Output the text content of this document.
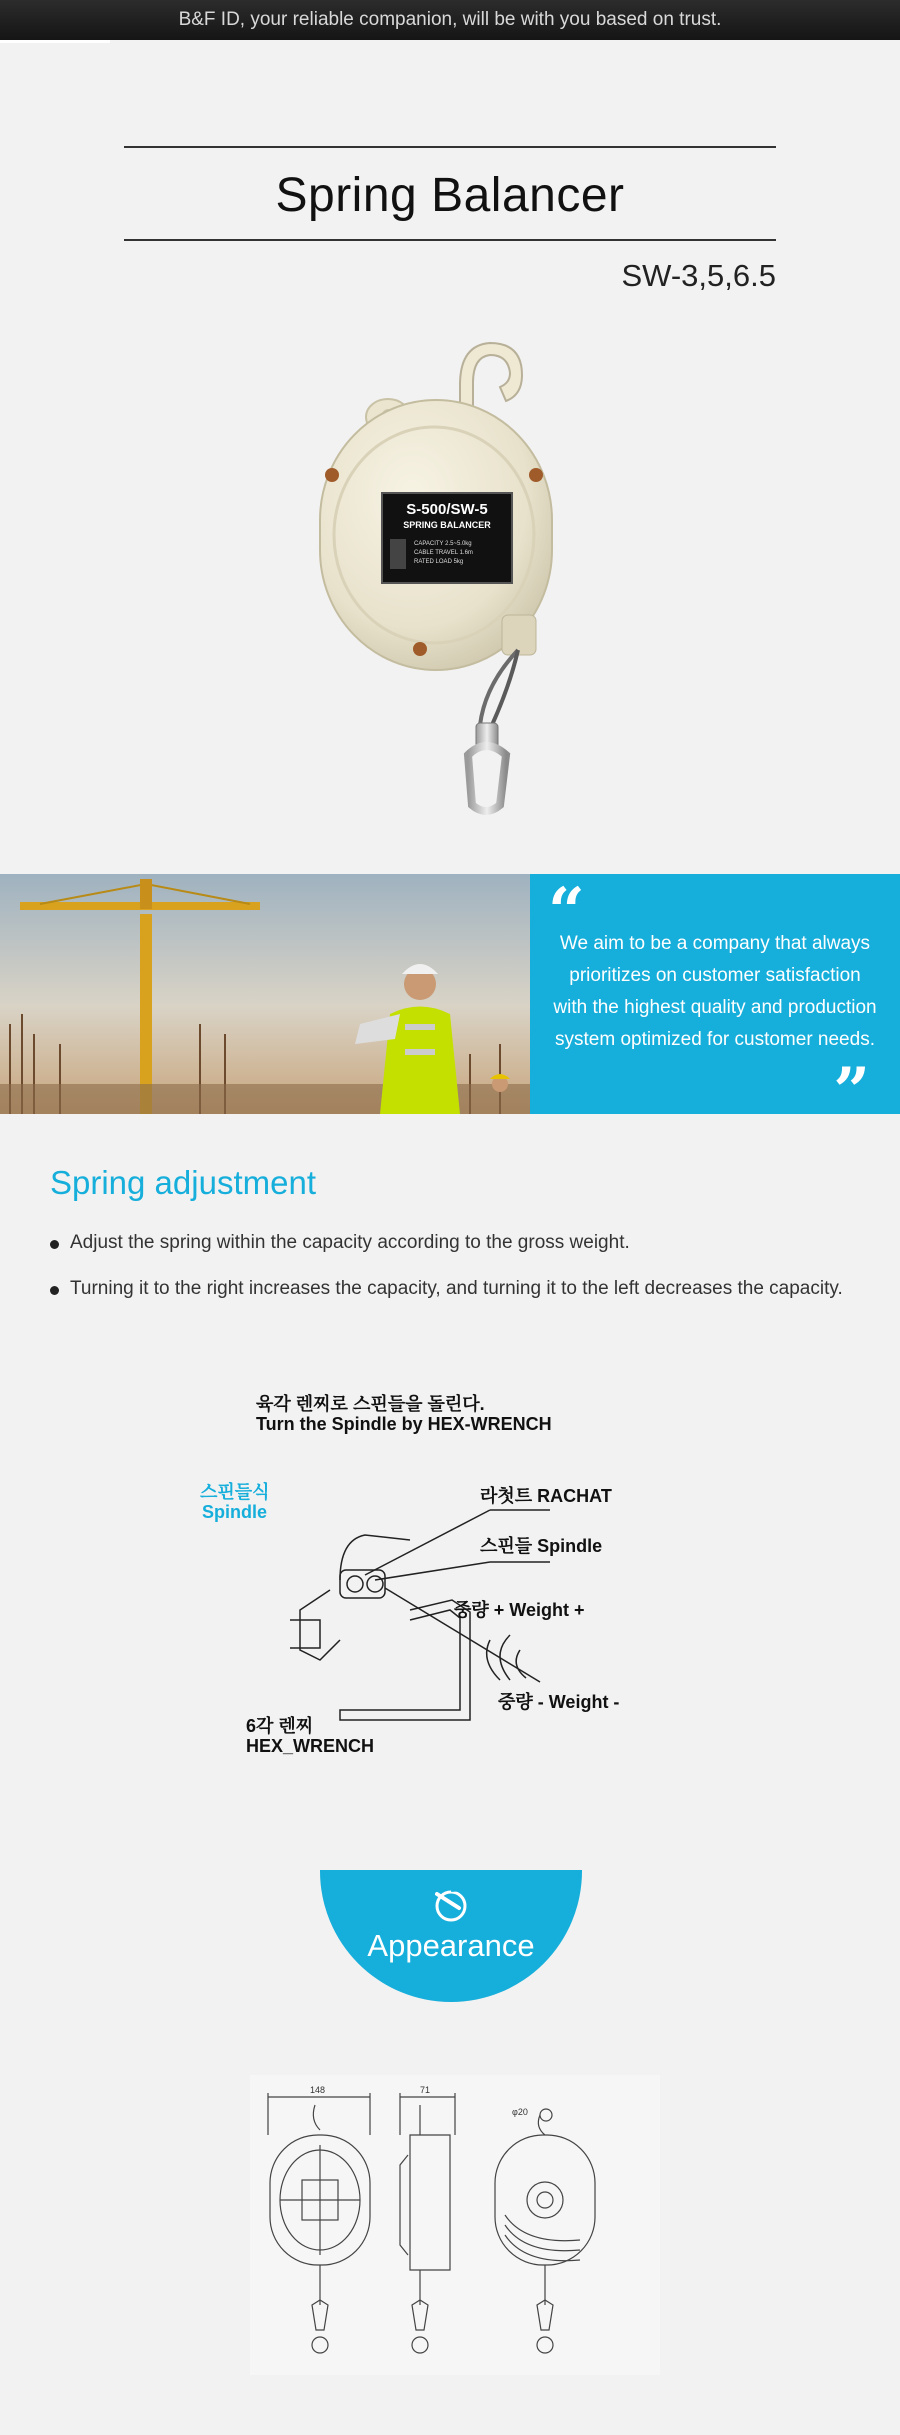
B&F ID, your reliable companion, will be with you based on trust.
Spring Balancer
SW-3,5,6.5
S-500/SW-5
SPRING BALANCER
CAPACITY 2.5~5.0kg
CABLE TRAVEL 1.6m
RATED LOAD 5kg
“
We aim to be a company that always prioritizes on customer satisfaction with the highest quality and production system optimized for customer needs.
”
Spring adjustment
Adjust the spring within the capacity according to the gross weight.
Turning it to the right increases the capacity, and turning it to the left decreases the capacity.
육각 렌찌로 스핀들을 돌린다.
Turn the Spindle by HEX-WRENCH
스핀들식
Spindle
라첫트 RACHAT
스핀들 Spindle
중량 + Weight +
중량 - Weight -
6각 렌찌
HEX_WRENCH
Appearance
148	71
φ20
